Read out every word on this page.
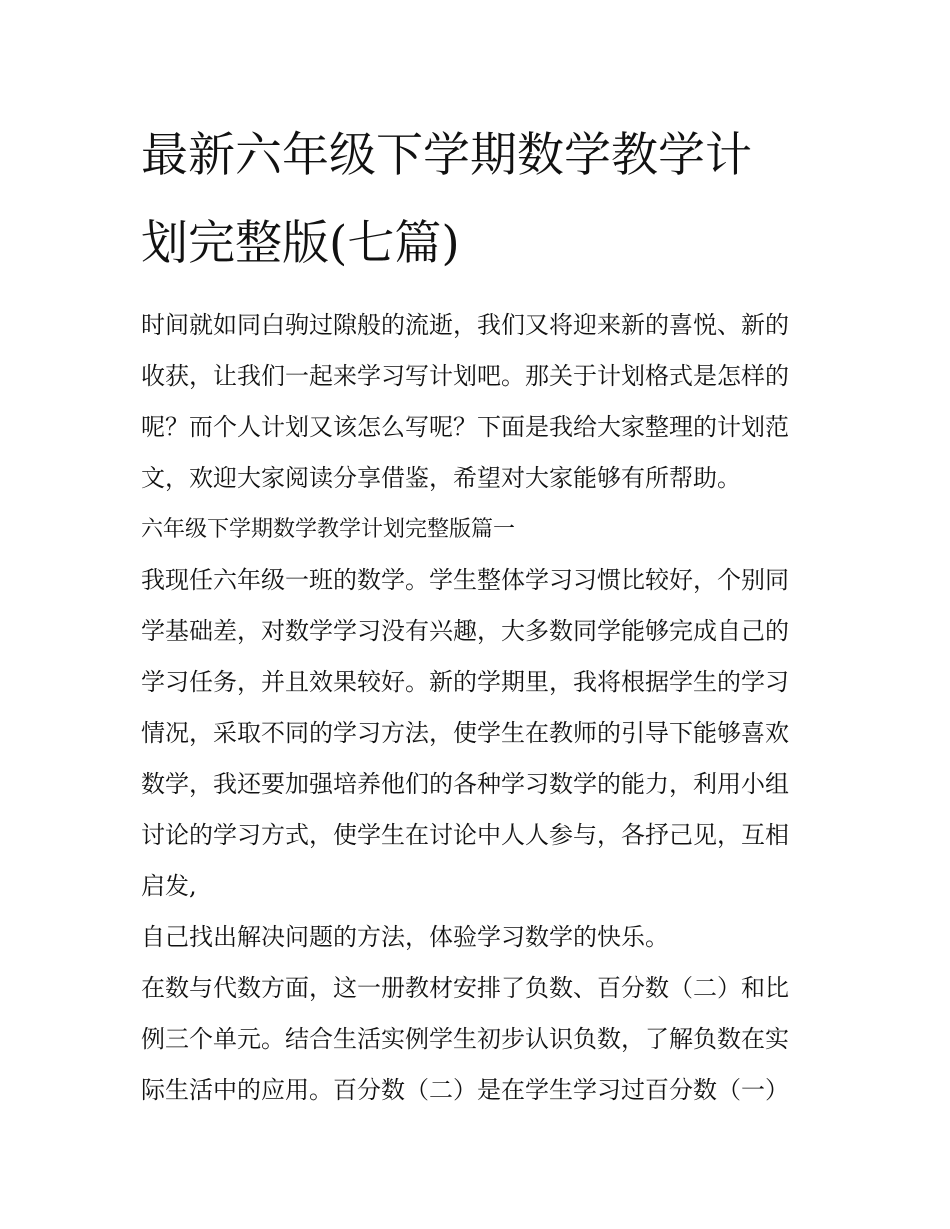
最新六年级下学期数学教学计
划完整版(七篇)

时间就如同白驹过隙般的流逝，我们又将迎来新的喜悦、新的
收获，让我们一起来学习写计划吧。那关于计划格式是怎样的
呢？而个人计划又该怎么写呢？下面是我给大家整理的计划范
文，欢迎大家阅读分享借鉴，希望对大家能够有所帮助。

六年级下学期数学教学计划完整版篇一

我现任六年级一班的数学。学生整体学习习惯比较好，个别同
学基础差，对数学学习没有兴趣，大多数同学能够完成自己的
学习任务，并且效果较好。新的学期里，我将根据学生的学习
情况，采取不同的学习方法，使学生在教师的引导下能够喜欢
数学，我还要加强培养他们的各种学习数学的能力，利用小组
讨论的学习方式，使学生在讨论中人人参与，各抒己见，互相
启发,

自己找出解决问题的方法，体验学习数学的快乐。

在数与代数方面，这一册教材安排了负数、百分数（二）和比
例三个单元。结合生活实例学生初步认识负数，了解负数在实
际生活中的应用。百分数（二）是在学生学习过百分数（一）
